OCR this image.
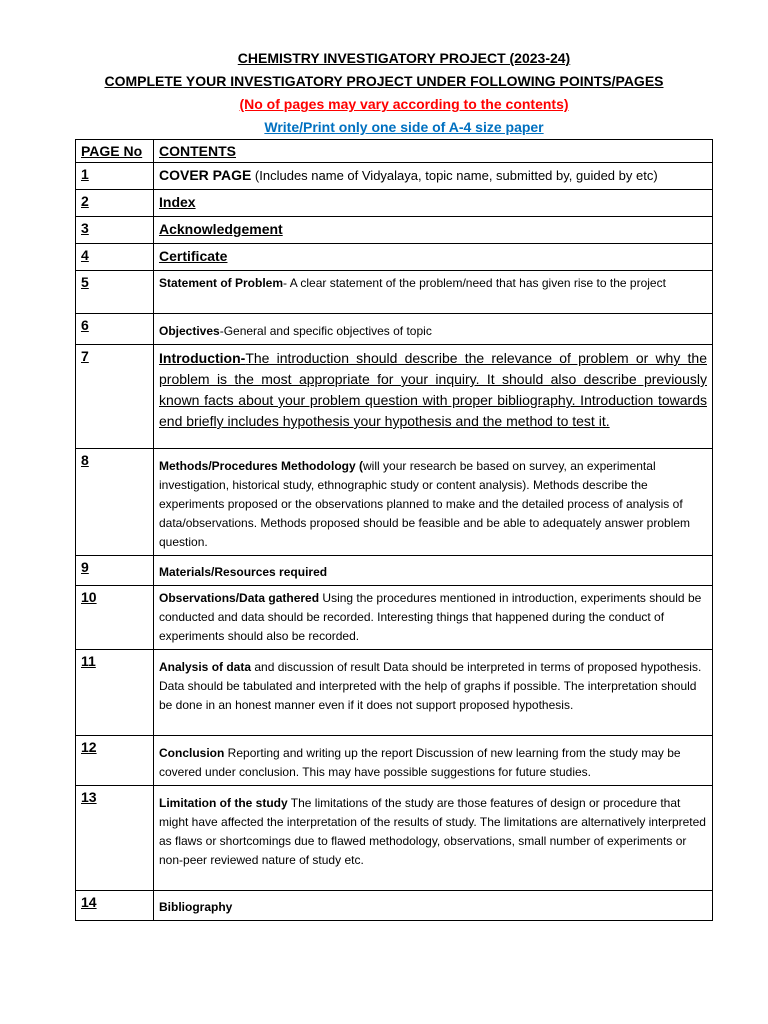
CHEMISTRY INVESTIGATORY PROJECT (2023-24)
COMPLETE YOUR INVESTIGATORY PROJECT UNDER FOLLOWING POINTS/PAGES
(No of pages may vary according to the contents)
Write/Print only one side of A-4 size paper
PAGE No	CONTENTS
1	COVER PAGE (Includes name of Vidyalaya, topic name, submitted by, guided by etc)
2	Index
3	Acknowledgement
4	Certificate
5	Statement of Problem- A clear statement of the problem/need that has given rise to the project
6	Objectives-General and specific objectives of topic
7	Introduction-The introduction should describe the relevance of problem or why the problem is the most appropriate for your inquiry. It should also describe previously known facts about your problem question with proper bibliography. Introduction towards end briefly includes hypothesis your hypothesis and the method to test it.
8	Methods/Procedures Methodology (will your research be based on survey, an experimental investigation, historical study, ethnographic study or content analysis). Methods describe the experiments proposed or the observations planned to make and the detailed process of analysis of data/observations. Methods proposed should be feasible and be able to adequately answer problem question.
9	Materials/Resources required
10	Observations/Data gathered Using the procedures mentioned in introduction, experiments should be conducted and data should be recorded. Interesting things that happened during the conduct of experiments should also be recorded.
11	Analysis of data and discussion of result Data should be interpreted in terms of proposed hypothesis. Data should be tabulated and interpreted with the help of graphs if possible. The interpretation should be done in an honest manner even if it does not support proposed hypothesis.
12	Conclusion Reporting and writing up the report Discussion of new learning from the study may be covered under conclusion. This may have possible suggestions for future studies.
13	Limitation of the study The limitations of the study are those features of design or procedure that might have affected the interpretation of the results of study. The limitations are alternatively interpreted as flaws or shortcomings due to flawed methodology, observations, small number of experiments or non-peer reviewed nature of study etc.
14	Bibliography
